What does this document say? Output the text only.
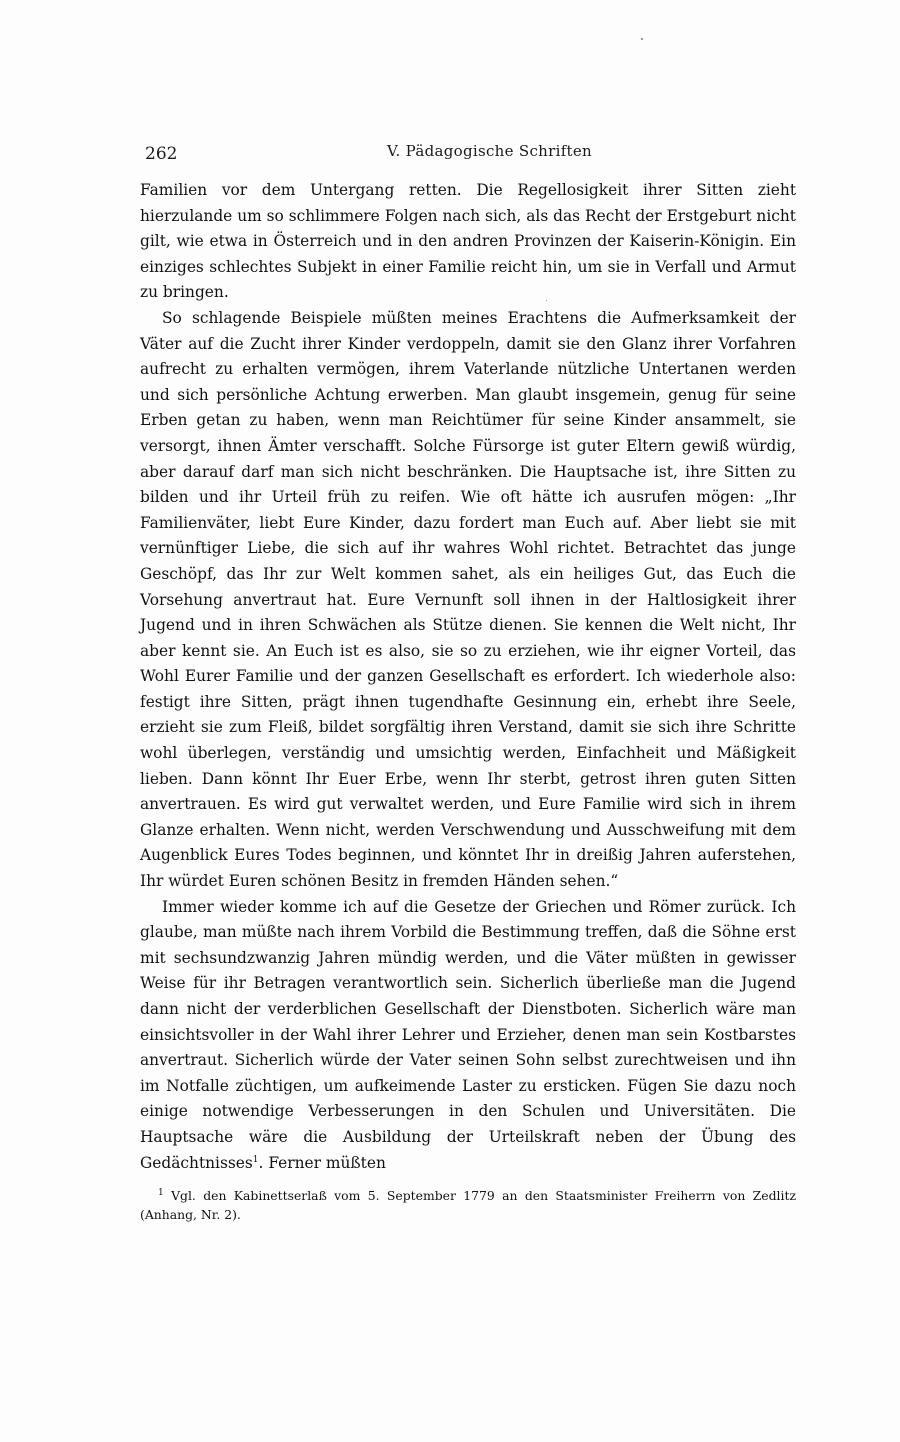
262	V. Pädagogische Schriften

Familien vor dem Untergang retten. Die Regellosigkeit ihrer Sitten zieht hierzulande um so schlimmere Folgen nach sich, als das Recht der Erstgeburt nicht gilt, wie etwa in Österreich und in den andren Provinzen der Kaiserin-Königin. Ein einziges schlechtes Subjekt in einer Familie reicht hin, um sie in Verfall und Armut zu bringen.

So schlagende Beispiele müßten meines Erachtens die Aufmerksamkeit der Väter auf die Zucht ihrer Kinder verdoppeln, damit sie den Glanz ihrer Vorfahren aufrecht zu erhalten vermögen, ihrem Vaterlande nützliche Untertanen werden und sich persönliche Achtung erwerben. Man glaubt insgemein, genug für seine Erben getan zu haben, wenn man Reichtümer für seine Kinder ansammelt, sie versorgt, ihnen Ämter verschafft. Solche Fürsorge ist guter Eltern gewiß würdig, aber darauf darf man sich nicht beschränken. Die Hauptsache ist, ihre Sitten zu bilden und ihr Urteil früh zu reifen. Wie oft hätte ich ausrufen mögen: „Ihr Familienväter, liebt Eure Kinder, dazu fordert man Euch auf. Aber liebt sie mit vernünftiger Liebe, die sich auf ihr wahres Wohl richtet. Betrachtet das junge Geschöpf, das Ihr zur Welt kommen sahet, als ein heiliges Gut, das Euch die Vorsehung anvertraut hat. Eure Vernunft soll ihnen in der Haltlosigkeit ihrer Jugend und in ihren Schwächen als Stütze dienen. Sie kennen die Welt nicht, Ihr aber kennt sie. An Euch ist es also, sie so zu erziehen, wie ihr eigner Vorteil, das Wohl Eurer Familie und der ganzen Gesellschaft es erfordert. Ich wiederhole also: festigt ihre Sitten, prägt ihnen tugendhafte Gesinnung ein, erhebt ihre Seele, erzieht sie zum Fleiß, bildet sorgfältig ihren Verstand, damit sie sich ihre Schritte wohl überlegen, verständig und umsichtig werden, Einfachheit und Mäßigkeit lieben. Dann könnt Ihr Euer Erbe, wenn Ihr sterbt, getrost ihren guten Sitten anvertrauen. Es wird gut verwaltet werden, und Eure Familie wird sich in ihrem Glanze erhalten. Wenn nicht, werden Verschwendung und Ausschweifung mit dem Augenblick Eures Todes beginnen, und könntet Ihr in dreißig Jahren auferstehen, Ihr würdet Euren schönen Besitz in fremden Händen sehen.“

Immer wieder komme ich auf die Gesetze der Griechen und Römer zurück. Ich glaube, man müßte nach ihrem Vorbild die Bestimmung treffen, daß die Söhne erst mit sechsundzwanzig Jahren mündig werden, und die Väter müßten in gewisser Weise für ihr Betragen verantwortlich sein. Sicherlich überließe man die Jugend dann nicht der verderblichen Gesellschaft der Dienstboten. Sicherlich wäre man einsichtsvoller in der Wahl ihrer Lehrer und Erzieher, denen man sein Kostbarstes anvertraut. Sicherlich würde der Vater seinen Sohn selbst zurechtweisen und ihn im Notfalle züchtigen, um aufkeimende Laster zu ersticken. Fügen Sie dazu noch einige notwendige Verbesserungen in den Schulen und Universitäten. Die Hauptsache wäre die Ausbildung der Urteilskraft neben der Übung des Gedächtnisses$^1$. Ferner müßten

$^1$ Vgl. den Kabinettserlaß vom 5. September 1779 an den Staatsminister Freiherrn von Zedlitz (Anhang, Nr. 2).
